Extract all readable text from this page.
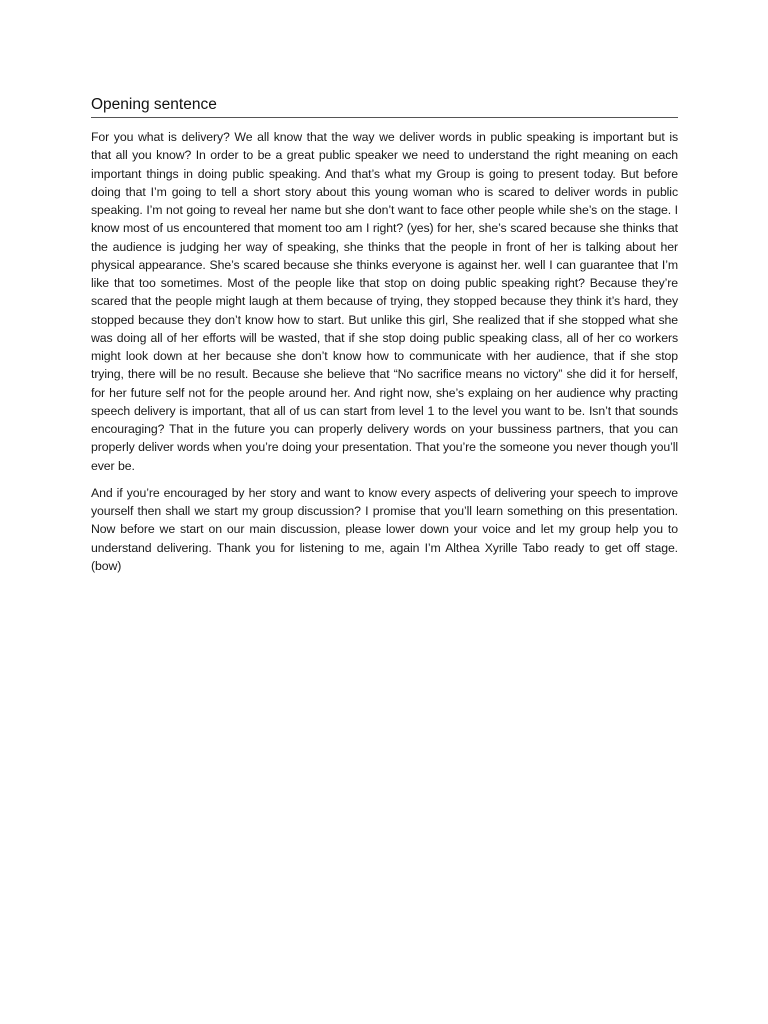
Opening sentence

For you what is delivery? We all know that the way we deliver words in public speaking is important but is that all you know? In order to be a great public speaker we need to understand the right meaning on each important things in doing public speaking. And that’s what my Group is going to present today. But before doing that I’m going to tell a short story about this young woman who is scared to deliver words in public speaking. I’m not going to reveal her name but she don’t want to face other people while she’s on the stage. I know most of us encountered that moment too am I right? (yes) for her, she’s scared because she thinks that the audience is judging her way of speaking, she thinks that the people in front of her is talking about her physical appearance. She’s scared because she thinks everyone is against her. well I can guarantee that I’m like that too sometimes. Most of the people like that stop on doing public speaking right? Because they’re scared that the people might laugh at them because of trying, they stopped because they think it’s hard, they stopped because they don’t know how to start. But unlike this girl, She realized that if she stopped what she was doing all of her efforts will be wasted, that if she stop doing public speaking class, all of her co workers might look down at her because she don’t know how to communicate with her audience, that if she stop trying, there will be no result. Because she believe that “No sacrifice means no victory” she did it for herself, for her future self not for the people around her. And right now, she’s explaing on her audience why practing speech delivery is important, that all of us can start from level 1 to the level you want to be. Isn’t that sounds encouraging? That in the future you can properly delivery words on your bussiness partners, that you can properly deliver words when you’re doing your presentation. That you’re the someone you never though you’ll ever be.

And if you’re encouraged by her story and want to know every aspects of delivering your speech to improve yourself then shall we start my group discussion? I promise that you’ll learn something on this presentation. Now before we start on our main discussion, please lower down your voice and let my group help you to understand delivering. Thank you for listening to me, again I’m Althea Xyrille Tabo ready to get off stage. (bow)
